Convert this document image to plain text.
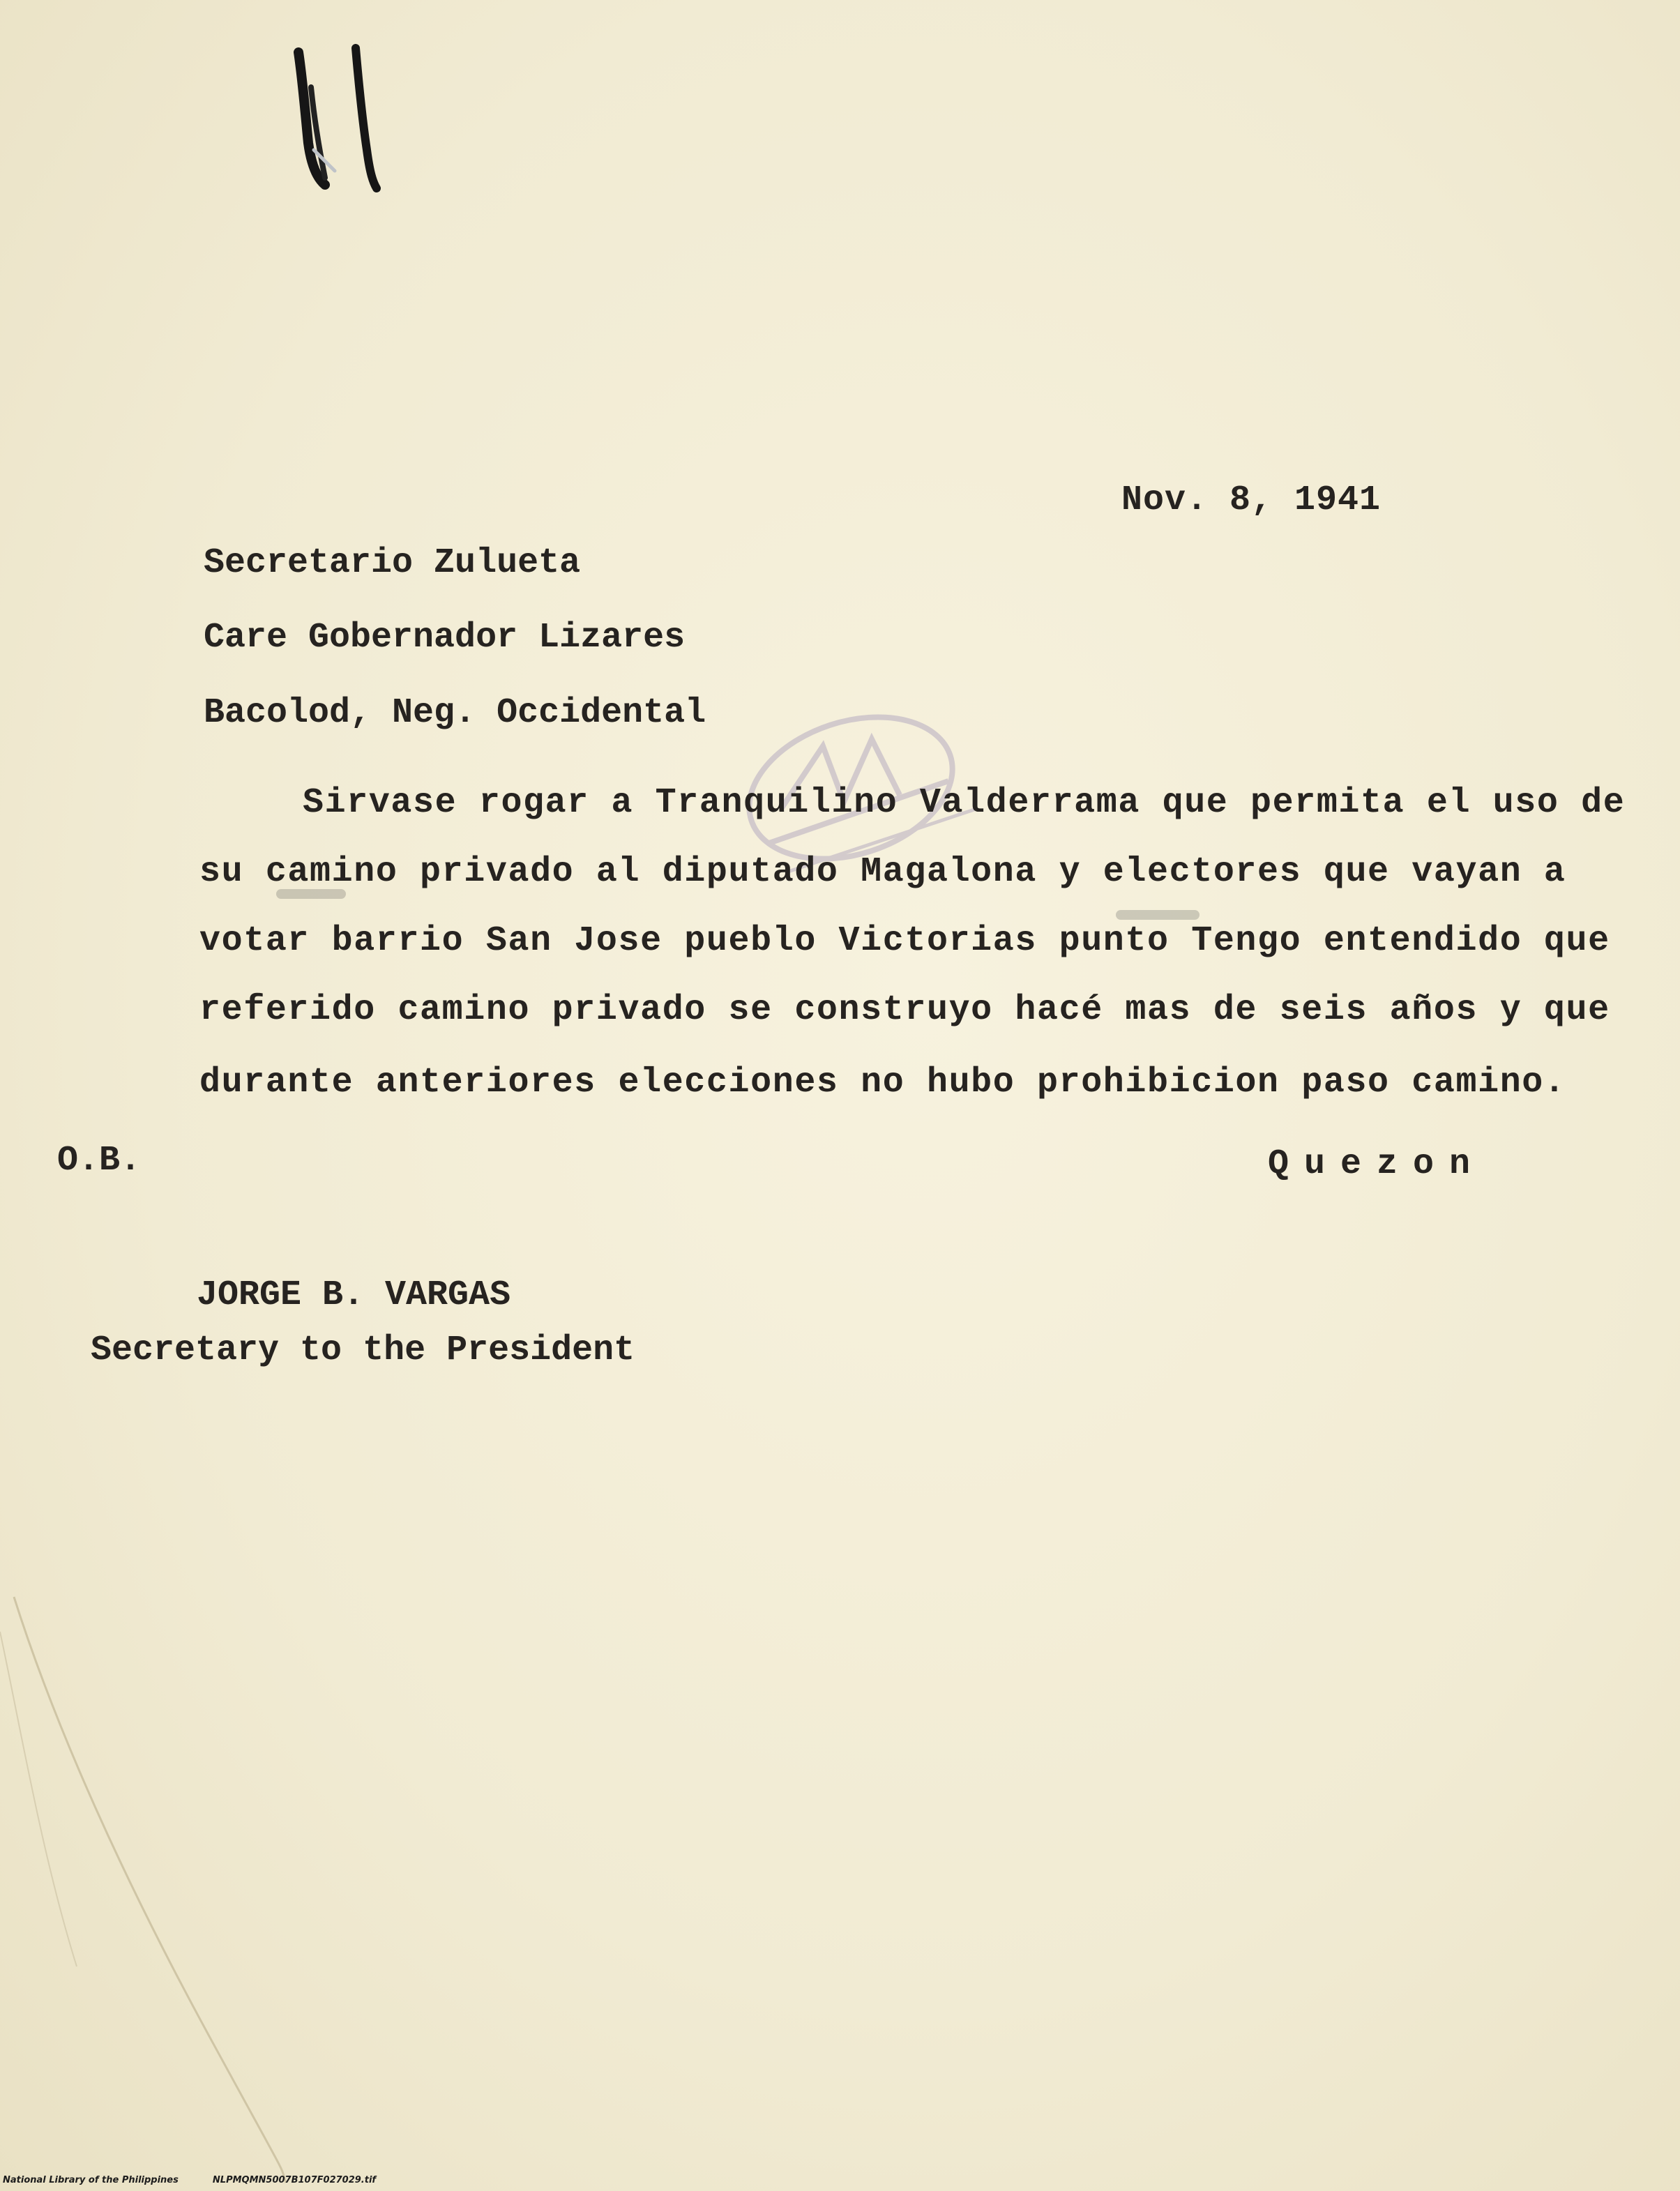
Nov. 8, 1941
Secretario Zulueta
Care Gobernador Lizares
Bacolod, Neg. Occidental
Sirvase rogar a Tranquilino Valderrama que permita el uso de
su camino privado al diputado Magalona y electores que vayan a
votar barrio San Jose pueblo Victorias punto Tengo entendido que
referido camino privado se construyo hacé mas de seis años y que
durante anteriores elecciones no hubo prohibicion paso camino.
O.B.	Quezon
JORGE B. VARGAS
Secretary to the President
National Library of the Philippines	NLPMQMN5007B107F027029.tif
